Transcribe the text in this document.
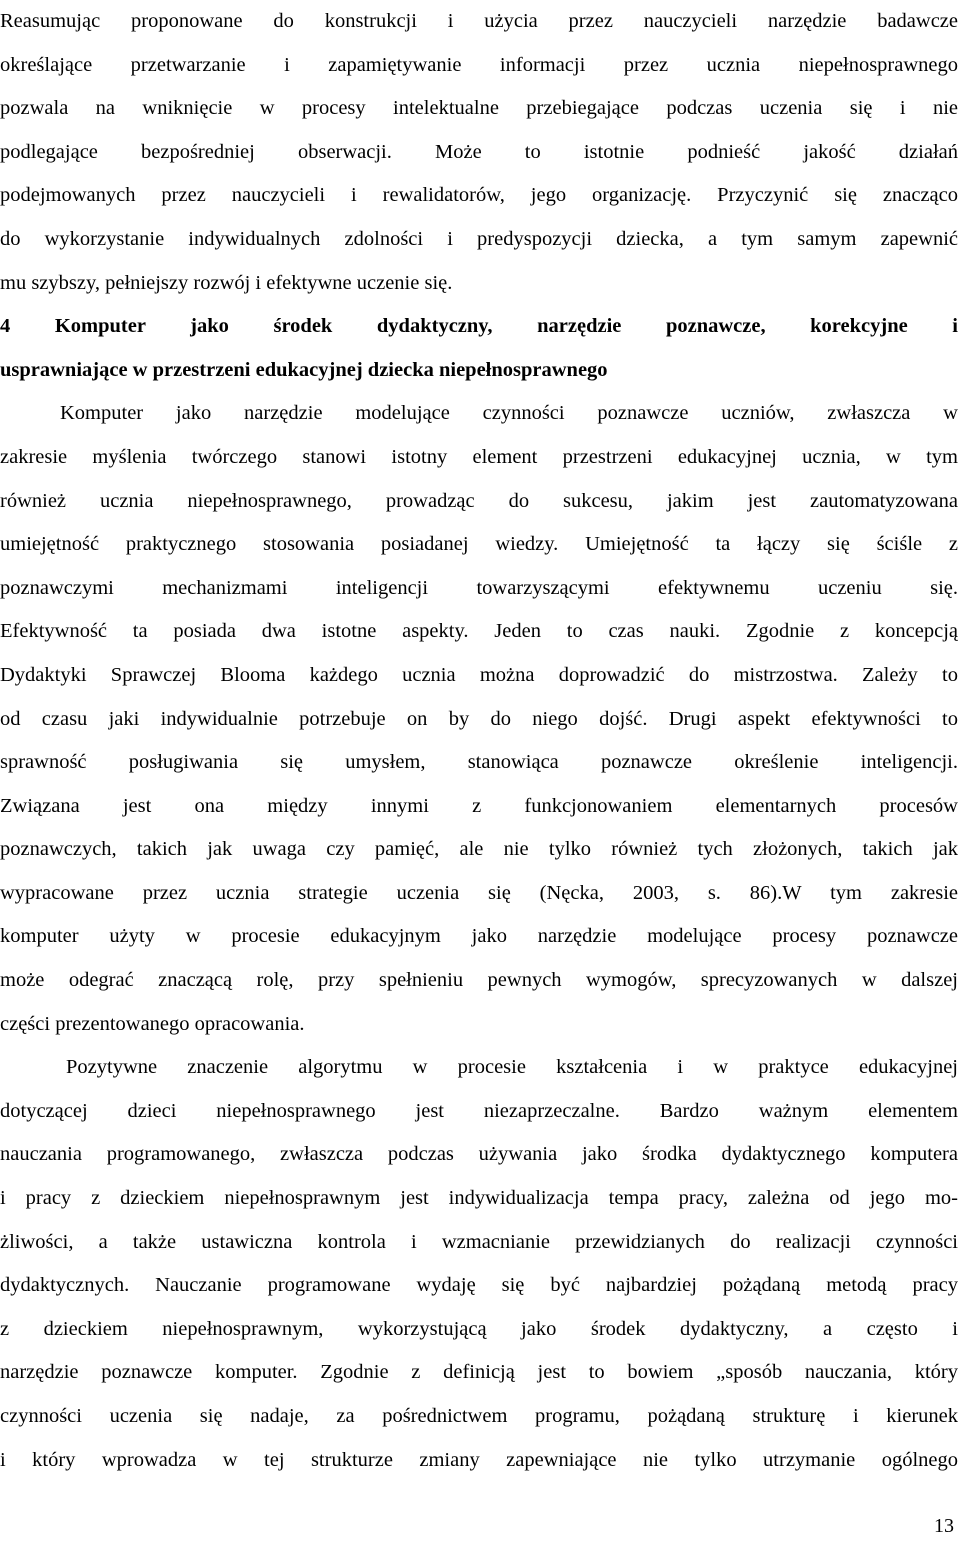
Reasumując proponowane do konstrukcji i użycia przez nauczycieli narzędzie badawcze
określające przetwarzanie i zapamiętywanie informacji przez ucznia niepełnosprawnego
pozwala na wniknięcie w procesy intelektualne przebiegające podczas uczenia się i nie
podlegające bezpośredniej obserwacji. Może to istotnie podnieść jakość działań
podejmowanych przez nauczycieli i rewalidatorów, jego organizację. Przyczynić się znacząco
do wykorzystanie indywidualnych zdolności i predyspozycji dziecka, a tym samym zapewnić
mu szybszy, pełniejszy rozwój i efektywne uczenie się.
4 Komputer jako środek dydaktyczny, narzędzie poznawcze, korekcyjne i
usprawniające w przestrzeni edukacyjnej dziecka niepełnosprawnego
Komputer jako narzędzie modelujące czynności poznawcze uczniów, zwłaszcza w
zakresie myślenia twórczego stanowi istotny element przestrzeni edukacyjnej ucznia, w tym
również ucznia niepełnosprawnego, prowadząc do sukcesu, jakim jest zautomatyzowana
umiejętność praktycznego stosowania posiadanej wiedzy. Umiejętność ta łączy się ściśle z
poznawczymi mechanizmami inteligencji towarzyszącymi efektywnemu uczeniu się.
Efektywność ta posiada dwa istotne aspekty. Jeden to czas nauki. Zgodnie z koncepcją
Dydaktyki Sprawczej Blooma każdego ucznia można doprowadzić do mistrzostwa. Zależy to
od czasu jaki indywidualnie potrzebuje on by do niego dojść. Drugi aspekt efektywności to
sprawność posługiwania się umysłem, stanowiąca poznawcze określenie inteligencji.
Związana jest ona między innymi z funkcjonowaniem elementarnych procesów
poznawczych, takich jak uwaga czy pamięć, ale nie tylko również tych złożonych, takich jak
wypracowane przez ucznia strategie uczenia się (Nęcka, 2003, s. 86).W tym zakresie
komputer użyty w procesie edukacyjnym jako narzędzie modelujące procesy poznawcze
może odegrać znaczącą rolę, przy spełnieniu pewnych wymogów, sprecyzowanych w dalszej
części prezentowanego opracowania.
Pozytywne znaczenie algorytmu w procesie kształcenia i w praktyce edukacyjnej
dotyczącej dzieci niepełnosprawnego jest niezaprzeczalne. Bardzo ważnym elementem
nauczania programowanego, zwłaszcza podczas używania jako środka dydaktycznego komputera
i pracy z dzieckiem niepełnosprawnym jest indywidualizacja tempa pracy, zależna od jego mo-
żliwości, a także ustawiczna kontrola i wzmacnianie przewidzianych do realizacji czynności
dydaktycznych. Nauczanie programowane wydaję się być najbardziej pożądaną metodą pracy
z dzieckiem niepełnosprawnym, wykorzystującą jako środek dydaktyczny, a często i
narzędzie poznawcze komputer. Zgodnie z definicją jest to bowiem „sposób nauczania, który
czynności uczenia się nadaje, za pośrednictwem programu, pożądaną strukturę i kierunek
i który wprowadza w tej strukturze zmiany zapewniające nie tylko utrzymanie ogólnego
13
